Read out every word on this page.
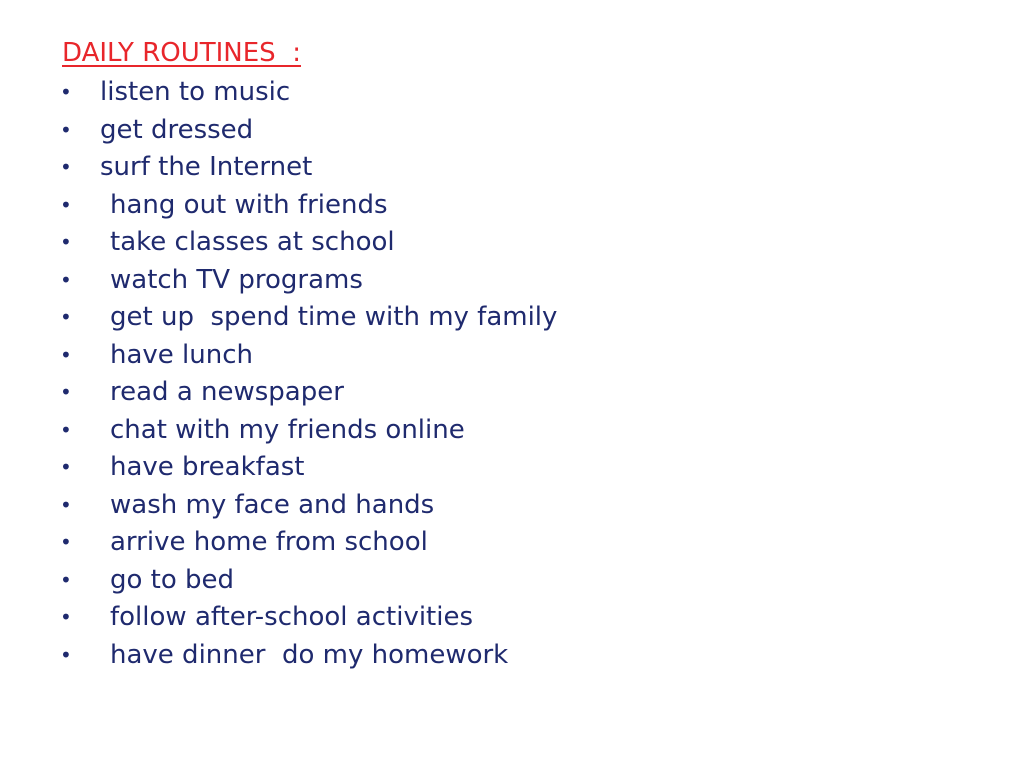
DAILY ROUTINES  :
• listen to music
• get dressed
• surf the Internet
• hang out with friends
• take classes at school
• watch TV programs
• get up  spend time with my family
• have lunch
• read a newspaper
• chat with my friends online
• have breakfast
• wash my face and hands
• arrive home from school
• go to bed
• follow after-school activities
• have dinner  do my homework
